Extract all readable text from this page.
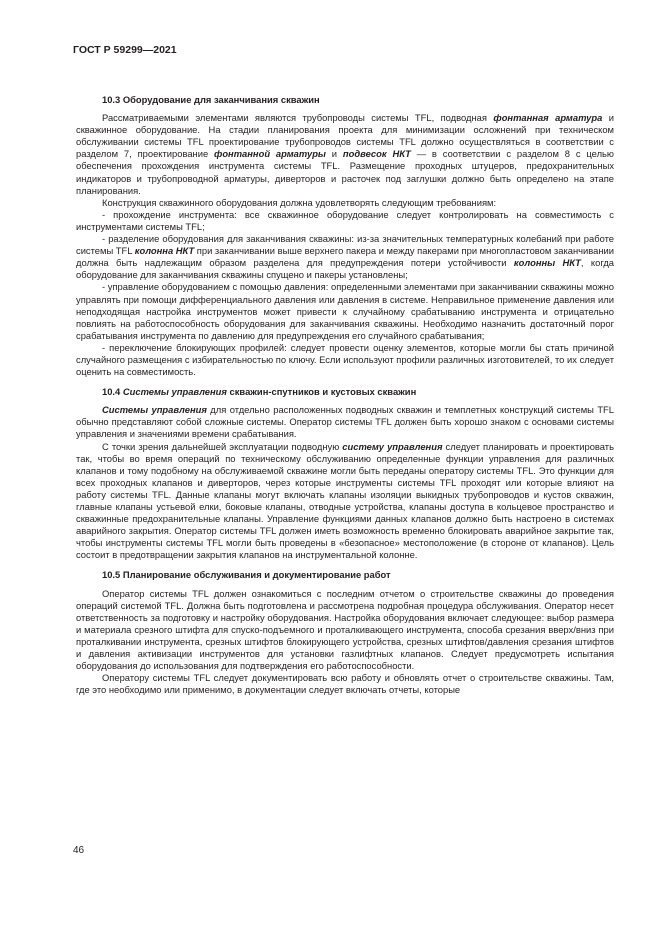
ГОСТ Р 59299—2021
10.3 Оборудование для заканчивания скважин

Рассматриваемыми элементами являются трубопроводы системы TFL, подводная фонтанная арматура и скважинное оборудование. На стадии планирования проекта для минимизации осложнений при техническом обслуживании системы TFL проектирование трубопроводов системы TFL должно осуществляться в соответствии с разделом 7, проектирование фонтанной арматуры и подвесок НКТ — в соответствии с разделом 8 с целью обеспечения прохождения инструмента системы TFL. Размещение проходных штуцеров, предохранительных индикаторов и трубопроводной арматуры, диверторов и расточек под заглушки должно быть определено на этапе планирования.

Конструкция скважинного оборудования должна удовлетворять следующим требованиям:

- прохождение инструмента: все скважинное оборудование следует контролировать на совместимость с инструментами системы TFL;

- разделение оборудования для заканчивания скважины: из-за значительных температурных колебаний при работе системы TFL колонна НКТ при заканчивании выше верхнего пакера и между пакерами при многопластовом заканчивании должна быть надлежащим образом разделена для предупреждения потери устойчивости колонны НКТ, когда оборудование для заканчивания скважины спущено и пакеры установлены;

- управление оборудованием с помощью давления: определенными элементами при заканчивании скважины можно управлять при помощи дифференциального давления или давления в системе. Неправильное применение давления или неподходящая настройка инструментов может привести к случайному срабатыванию инструмента и отрицательно повлиять на работоспособность оборудования для заканчивания скважины. Необходимо назначить достаточный порог срабатывания инструмента по давлению для предупреждения его случайного срабатывания;

- переключение блокирующих профилей: следует провести оценку элементов, которые могли бы стать причиной случайного размещения с избирательностью по ключу. Если используют профили различных изготовителей, то их следует оценить на совместимость.

10.4 Системы управления скважин-спутников и кустовых скважин

Системы управления для отдельно расположенных подводных скважин и темплетных конструкций системы TFL обычно представляют собой сложные системы. Оператор системы TFL должен быть хорошо знаком с основами системы управления и значениями времени срабатывания.

С точки зрения дальнейшей эксплуатации подводную систему управления следует планировать и проектировать так, чтобы во время операций по техническому обслуживанию определенные функции управления для различных клапанов и тому подобному на обслуживаемой скважине могли быть переданы оператору системы TFL. Это функции для всех проходных клапанов и диверторов, через которые инструменты системы TFL проходят или которые влияют на работу системы TFL. Данные клапаны могут включать клапаны изоляции выкидных трубопроводов и кустов скважин, главные клапаны устьевой елки, боковые клапаны, отводные устройства, клапаны доступа в кольцевое пространство и скважинные предохранительные клапаны. Управление функциями данных клапанов должно быть настроено в системах аварийного закрытия. Оператор системы TFL должен иметь возможность временно блокировать аварийное закрытие так, чтобы инструменты системы TFL могли быть проведены в «безопасное» местоположение (в стороне от клапанов). Цель состоит в предотвращении закрытия клапанов на инструментальной колонне.

10.5 Планирование обслуживания и документирование работ

Оператор системы TFL должен ознакомиться с последним отчетом о строительстве скважины до проведения операций системой TFL. Должна быть подготовлена и рассмотрена подробная процедура обслуживания. Оператор несет ответственность за подготовку и настройку оборудования. Настройка оборудования включает следующее: выбор размера и материала срезного штифта для спуско-подъемного и проталкивающего инструмента, способа срезания вверх/вниз при проталкивании инструмента, срезных штифтов блокирующего устройства, срезных штифтов/давления срезания штифтов и давления активизации инструментов для установки газлифтных клапанов. Следует предусмотреть испытания оборудования до использования для подтверждения его работоспособности.

Оператору системы TFL следует документировать всю работу и обновлять отчет о строительстве скважины. Там, где это необходимо или применимо, в документации следует включать отчеты, которые

46
